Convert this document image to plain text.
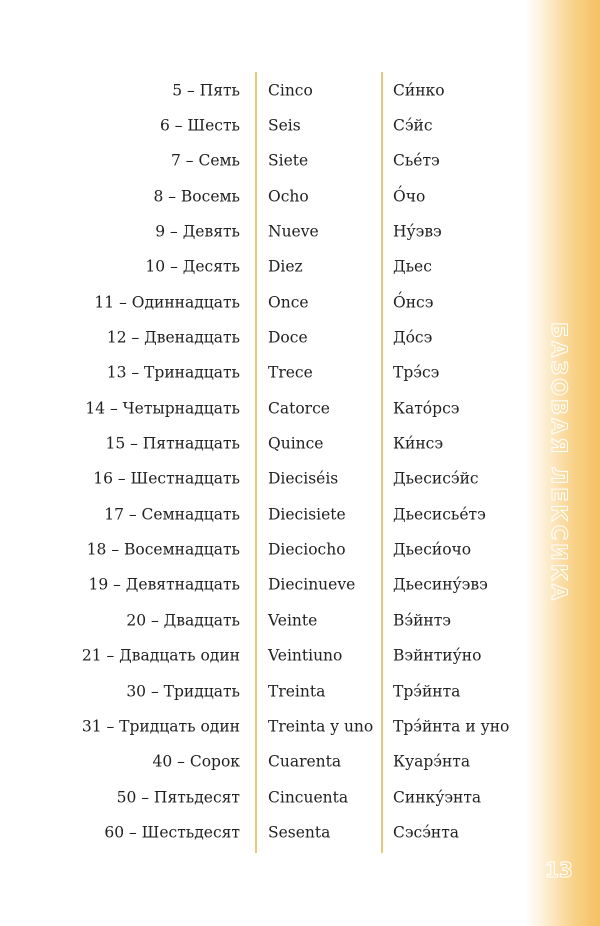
БАЗОВАЯ ЛЕКСИКА
13
5 – Пять Cinco	Си́нко
6 – Шесть Seis	Сэ́йс
7 – Семь Siete	Сье́тэ
8 – Восемь Ocho	О́чо
9 – Девять Nueve	Ну́эвэ
10 – Десять Diez	Дьес
11 – Одиннадцать Once	О́нсэ
12 – Двенадцать Doce	До́сэ
13 – Тринадцать Trece	Трэ́сэ
14 – Четырнадцать Catorce	Като́рсэ
15 – Пятнадцать Quince	Ки́нсэ
16 – Шестнадцать Dieciséis	Дьесисэ́йс
17 – Семнадцать Diecisiete	Дьесисье́тэ
18 – Восемнадцать Dieciocho	Дьеси́очо
19 – Девятнадцать Diecinueve Дьесину́эвэ
20 – Двадцать Veinte	Вэ́йнтэ
21 – Двадцать один Veintiuno	Вэйнтиу́но
30 – Тридцать Treinta	Трэ́йнта
31 – Тридцать один Treinta y uno Трэ́йнта и уно
40 – Сорок Cuarenta	Куарэ́нта
50 – Пятьдесят Cincuenta	Синку́энта
60 – Шестьдесят Sesenta	Сэсэ́нта
